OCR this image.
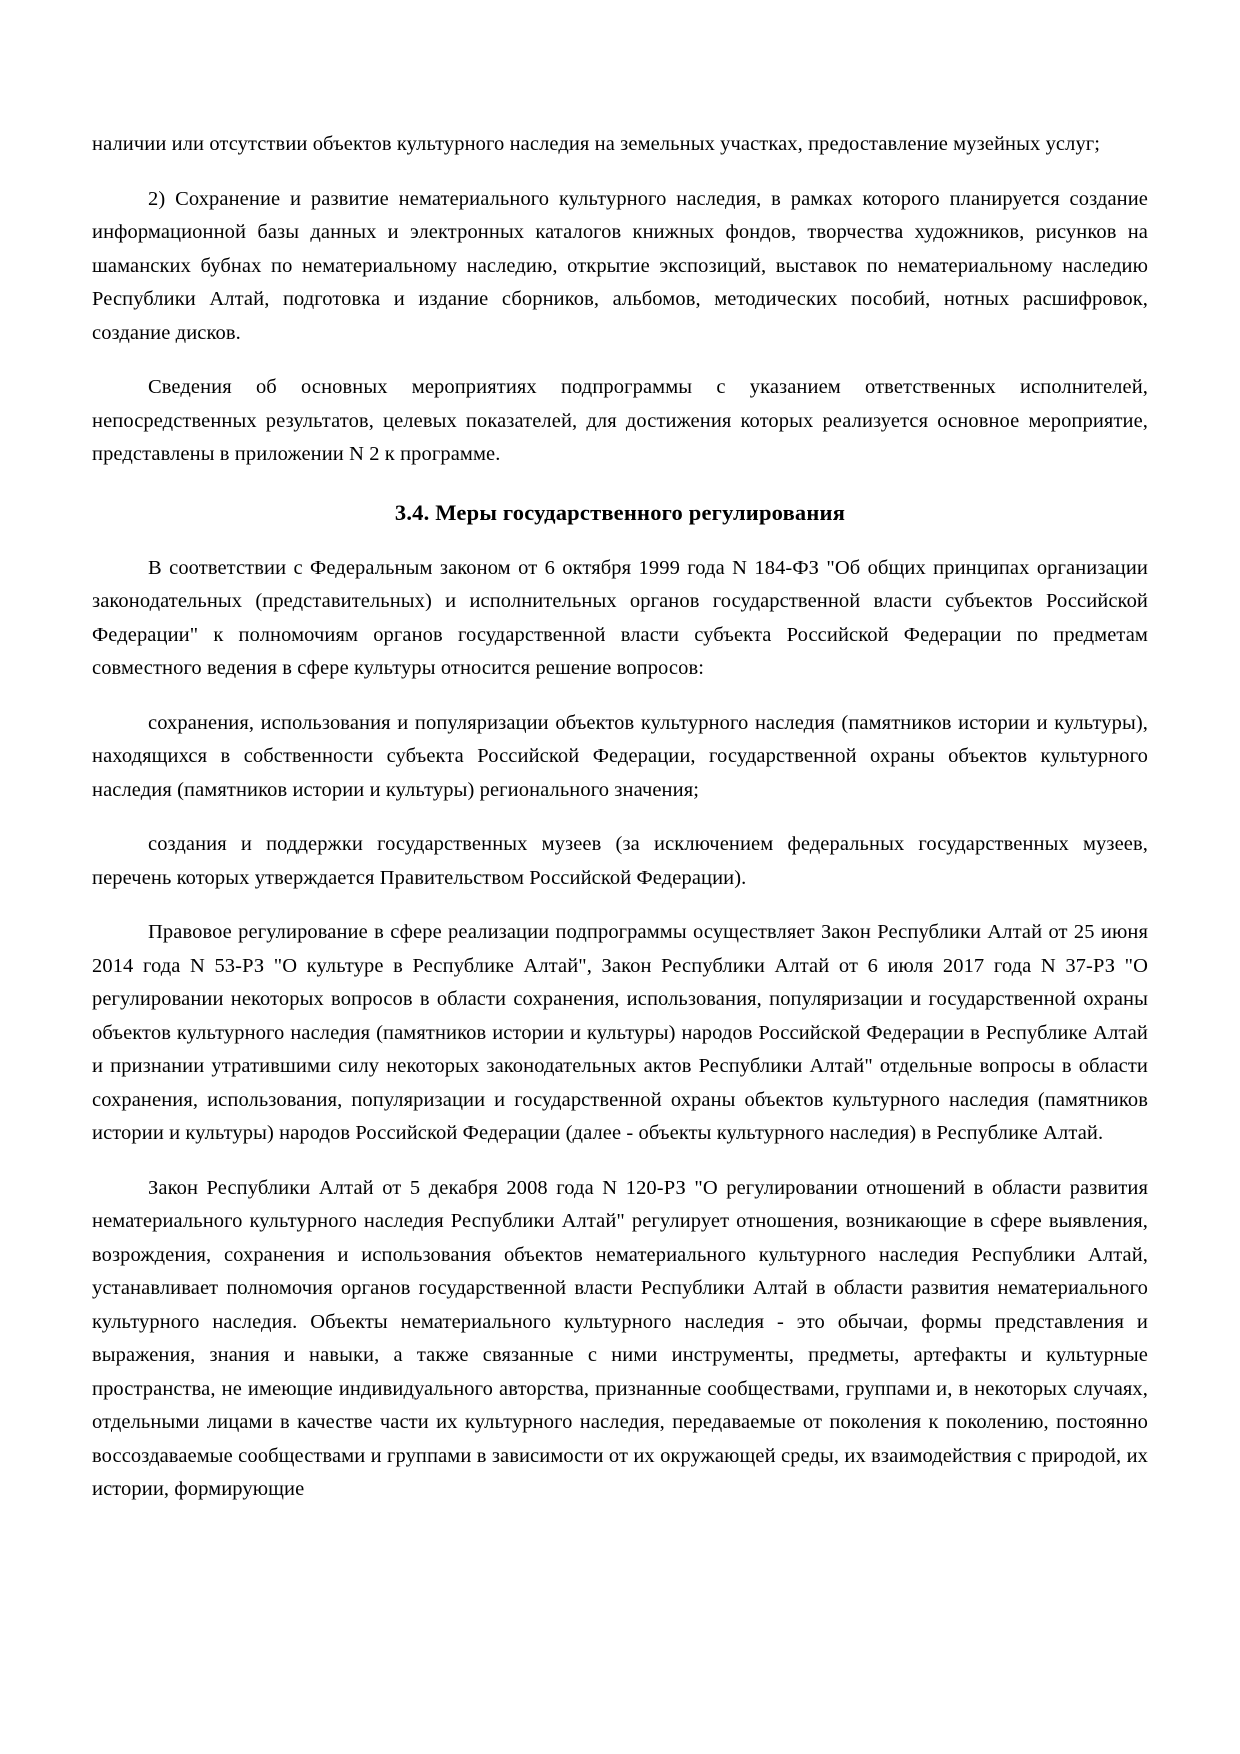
наличии или отсутствии объектов культурного наследия на земельных участках, предоставление музейных услуг;

2) Сохранение и развитие нематериального культурного наследия, в рамках которого планируется создание информационной базы данных и электронных каталогов книжных фондов, творчества художников, рисунков на шаманских бубнах по нематериальному наследию, открытие экспозиций, выставок по нематериальному наследию Республики Алтай, подготовка и издание сборников, альбомов, методических пособий, нотных расшифровок, создание дисков.

Сведения об основных мероприятиях подпрограммы с указанием ответственных исполнителей, непосредственных результатов, целевых показателей, для достижения которых реализуется основное мероприятие, представлены в приложении N 2 к программе.

3.4. Меры государственного регулирования

В соответствии с Федеральным законом от 6 октября 1999 года N 184-ФЗ "Об общих принципах организации законодательных (представительных) и исполнительных органов государственной власти субъектов Российской Федерации" к полномочиям органов государственной власти субъекта Российской Федерации по предметам совместного ведения в сфере культуры относится решение вопросов:

сохранения, использования и популяризации объектов культурного наследия (памятников истории и культуры), находящихся в собственности субъекта Российской Федерации, государственной охраны объектов культурного наследия (памятников истории и культуры) регионального значения;

создания и поддержки государственных музеев (за исключением федеральных государственных музеев, перечень которых утверждается Правительством Российской Федерации).

Правовое регулирование в сфере реализации подпрограммы осуществляет Закон Республики Алтай от 25 июня 2014 года N 53-РЗ "О культуре в Республике Алтай", Закон Республики Алтай от 6 июля 2017 года N 37-РЗ "О регулировании некоторых вопросов в области сохранения, использования, популяризации и государственной охраны объектов культурного наследия (памятников истории и культуры) народов Российской Федерации в Республике Алтай и признании утратившими силу некоторых законодательных актов Республики Алтай" отдельные вопросы в области сохранения, использования, популяризации и государственной охраны объектов культурного наследия (памятников истории и культуры) народов Российской Федерации (далее - объекты культурного наследия) в Республике Алтай.

Закон Республики Алтай от 5 декабря 2008 года N 120-РЗ "О регулировании отношений в области развития нематериального культурного наследия Республики Алтай" регулирует отношения, возникающие в сфере выявления, возрождения, сохранения и использования объектов нематериального культурного наследия Республики Алтай, устанавливает полномочия органов государственной власти Республики Алтай в области развития нематериального культурного наследия. Объекты нематериального культурного наследия - это обычаи, формы представления и выражения, знания и навыки, а также связанные с ними инструменты, предметы, артефакты и культурные пространства, не имеющие индивидуального авторства, признанные сообществами, группами и, в некоторых случаях, отдельными лицами в качестве части их культурного наследия, передаваемые от поколения к поколению, постоянно воссоздаваемые сообществами и группами в зависимости от их окружающей среды, их взаимодействия с природой, их истории, формирующие
